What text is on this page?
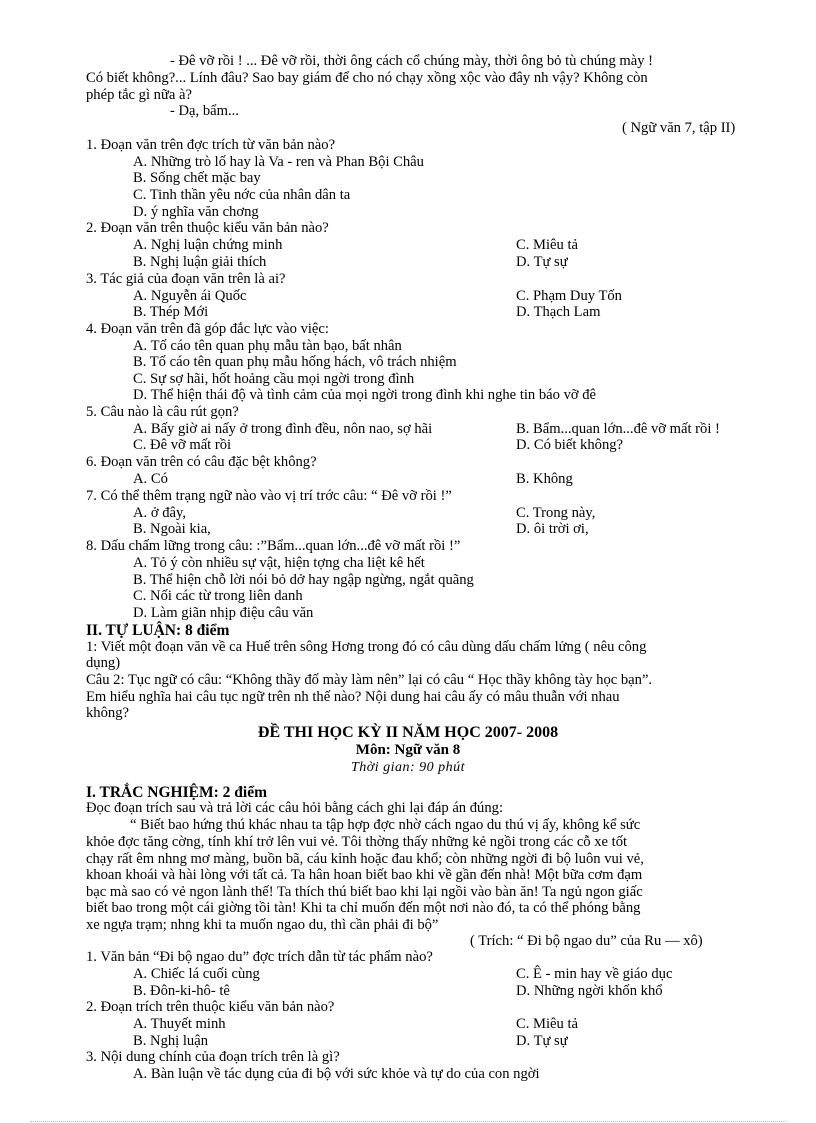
- Đê vỡ rồi ! ... Đê vỡ rồi, thời ông cách cổ chúng mày, thời ông bỏ tù chúng mày !
Có biết không?... Lính đâu? Sao bay giám để cho nó chạy xồng xộc vào đây nh vậy? Không còn
phép tắc gì nữa à?
- Dạ, bẩm...
( Ngữ văn 7, tập II)
1. Đoạn văn trên đợc trích từ văn bản nào?
A. Những trò lố hay là Va - ren và Phan Bội Châu
B. Sống chết mặc bay
C. Tinh thần yêu nớc của nhân dân ta
D. ý nghĩa văn chơng
2. Đoạn văn trên thuộc kiểu văn bản nào?
A. Nghị luận chứng minh	C. Miêu tả
B. Nghị luận giải thích	D. Tự sự
3. Tác giả của đoạn văn trên là ai?
A. Nguyễn ái Quốc	C. Phạm Duy Tốn
B. Thép Mới	D. Thạch Lam
4. Đoạn văn trên đã góp đắc lực vào việc:
A. Tố cáo tên quan phụ mẫu tàn bạo, bất nhân
B. Tố cáo tên quan phụ mẫu hống hách, vô trách nhiệm
C. Sự sợ hãi, hốt hoảng cầu mọi ngời trong đình
D. Thể hiện thái độ và tình cảm của mọi ngời trong đình khi nghe tin báo vỡ đê
5. Câu nào là câu rút gọn?
A. Bấy giờ ai nấy ở trong đình đều, nôn nao, sợ hãi	B. Bẩm...quan lớn...đê vỡ mất rồi !
C. Đê vỡ mất rồi	D. Có biết không?
6. Đoạn văn trên có câu đặc bệt không?
A. Có	B. Không
7. Có thể thêm trạng ngữ nào vào vị trí trớc câu: “ Đê vỡ rồi !”
A. ở đây,	C. Trong này,
B. Ngoài kia,	D. ôi trời ơi,
8. Dấu chấm lững trong câu: :”Bẩm...quan lớn...đê vỡ mất rồi !”
A. Tỏ ý còn nhiều sự vật, hiện tợng cha liệt kê hết
B. Thể hiện chỗ lời nói bỏ dở hay ngập ngừng, ngắt quãng
C. Nối các từ trong liên danh
D. Làm giãn nhịp điệu câu văn
II. TỰ LUẬN: 8 điểm
1: Viết một đoạn văn về ca Huế trên sông Hơng trong đó có câu dùng dấu chấm lửng ( nêu công
dụng)
Câu 2: Tục ngữ có câu: “Không thầy đố mày làm nên” lại có câu “ Học thầy không tày học bạn”.
Em hiểu nghĩa hai câu tục ngữ trên nh thế nào? Nội dung hai câu ấy có mâu thuẫn với nhau
không?
ĐỀ THI HỌC KỲ II NĂM HỌC 2007- 2008
Môn: Ngữ văn 8
Thời gian: 90 phút
I. TRẮC NGHIỆM: 2 điểm
Đọc đoạn trích sau và trả lời các câu hỏi bằng cách ghi lại đáp án đúng:
“ Biết bao hứng thú khác nhau ta tập hợp đợc nhờ cách ngao du thú vị ấy, không kể sức
khỏe đợc tăng cờng, tính khí trở lên vui vẻ. Tôi thờng thấy những kẻ ngồi trong các cỗ xe tốt
chạy rất êm nhng mơ màng, buồn bã, cáu kỉnh hoặc đau khổ; còn những ngời đi bộ luôn vui vẻ,
khoan khoái và hài lòng với tất cả. Ta hân hoan biết bao khi về gần đến nhà! Một bữa cơm đạm
bạc mà sao có vẻ ngon lành thế! Ta thích thú biết bao khi lại ngồi vào bàn ăn! Ta ngủ ngon giấc
biết bao trong một cái giờng tồi tàn! Khi ta chỉ muốn đến một nơi nào đó, ta có thể phóng bằng
xe ngựa trạm; nhng khi ta muốn ngao du, thì cần phải đi bộ”
( Trích: “ Đi bộ ngao du” của Ru — xô)
1. Văn bản “Đi bộ ngao du” đợc trích dẫn từ tác phẩm nào?
A. Chiếc lá cuối cùng	C. Ê - min hay về giáo dục
B. Đôn-ki-hô- tê	D. Những ngời khốn khổ
2. Đoạn trích trên thuộc kiểu văn bản nào?
A. Thuyết minh	C. Miêu tả
B. Nghị luận	D. Tự sự
3. Nội dung chính của đoạn trích trên là gì?
A. Bàn luận về tác dụng của đi bộ với sức khỏe và tự do của con ngời
